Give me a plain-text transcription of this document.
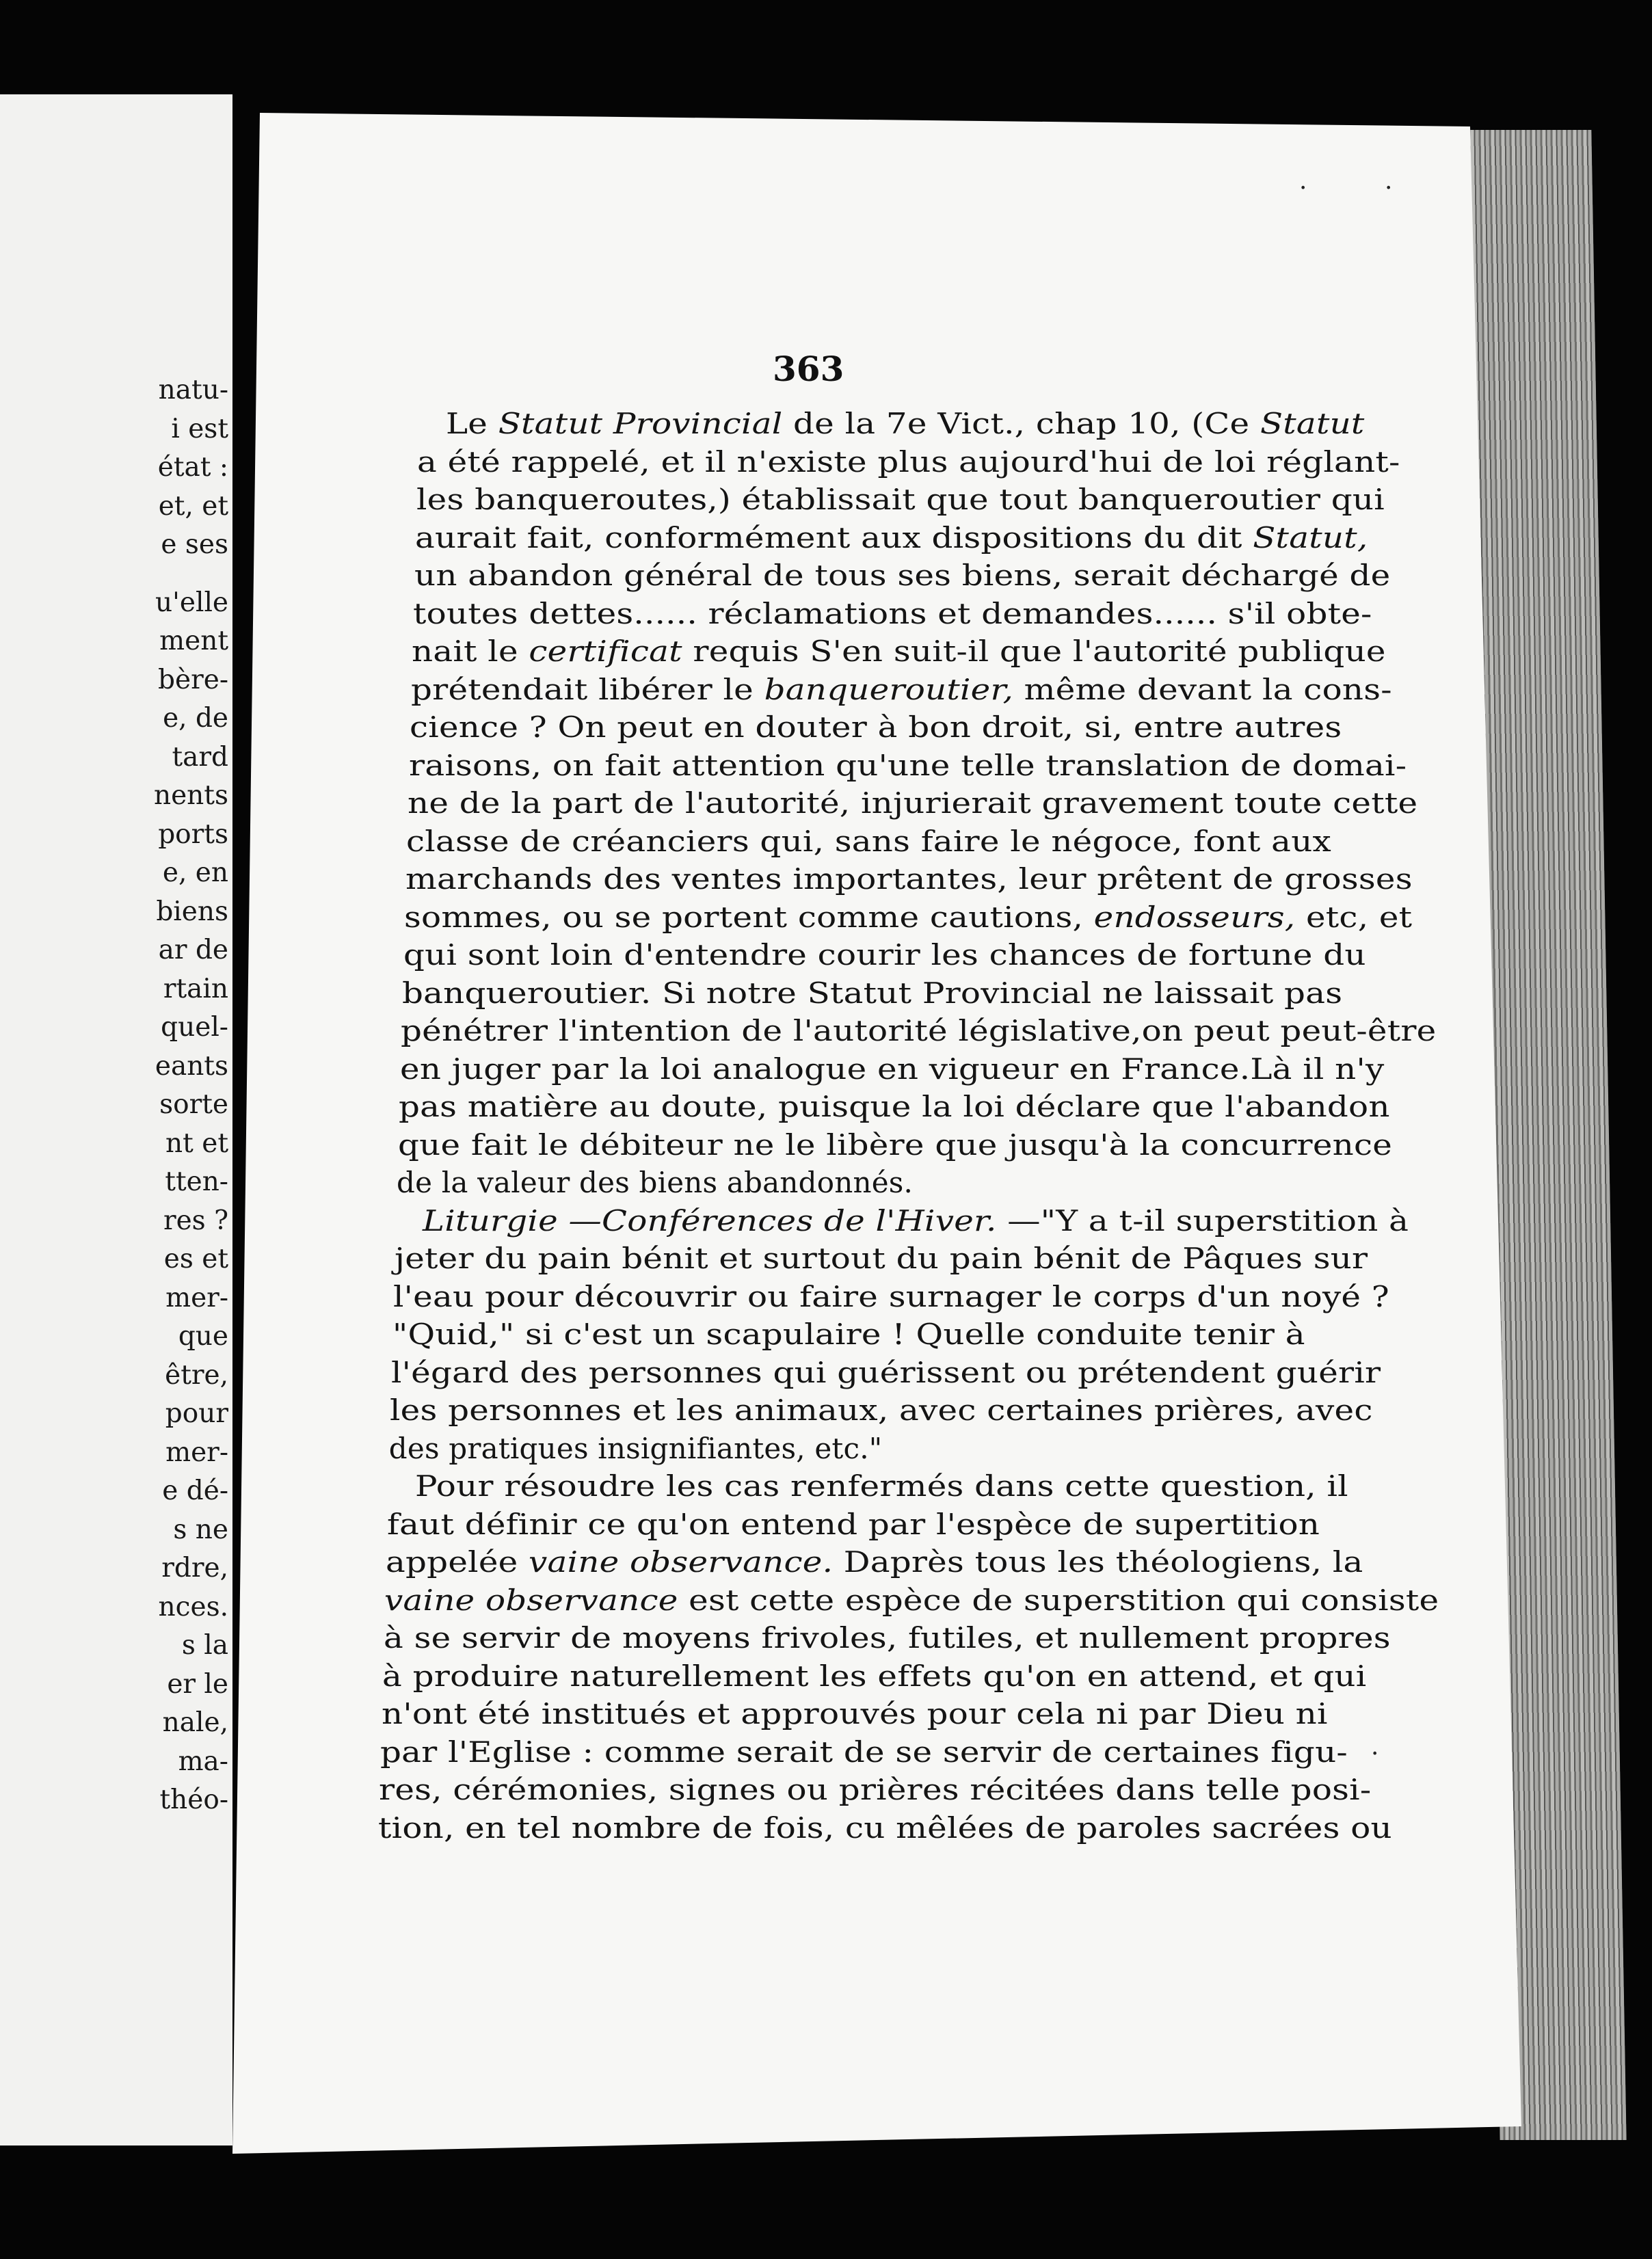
natu-
i est
état :
et, et
e ses
u'elle
ment
bère-
e, de
tard
nents
ports
e, en
biens
ar de
rtain
quel-
eants
sorte
nt et
tten-
res ?
es et
mer-
que
être,
pour
mer-
e dé-
s ne
rdre,
nces.
s la
er le
nale,
ma-
théo-
363
Le Statut Provincial de la 7e Vict., chap 10, (Ce Statut
a été rappelé, et il n'existe plus aujourd'hui de loi réglant-
les banqueroutes,) établissait que tout banqueroutier qui
aurait fait, conformément aux dispositions du dit Statut,
un abandon général de tous ses biens, serait déchargé de
toutes dettes...... réclamations et demandes...... s'il obte-
nait le certificat requis S'en suit-il que l'autorité publique
prétendait libérer le banqueroutier, même devant la cons-
cience ? On peut en douter à bon droit, si, entre autres
raisons, on fait attention qu'une telle translation de domai-
ne de la part de l'autorité, injurierait gravement toute cette
classe de créanciers qui, sans faire le négoce, font aux
marchands des ventes importantes, leur prêtent de grosses
sommes, ou se portent comme cautions, endosseurs, etc, et
qui sont loin d'entendre courir les chances de fortune du
banqueroutier. Si notre Statut Provincial ne laissait pas
pénétrer l'intention de l'autorité législative,on peut peut-être
en juger par la loi analogue en vigueur en France.Là il n'y
pas matière au doute, puisque la loi déclare que l'abandon
que fait le débiteur ne le libère que jusqu'à la concurrence
de la valeur des biens abandonnés.
Liturgie —Conférences de l'Hiver. —"Y a t-il superstition à
jeter du pain bénit et surtout du pain bénit de Pâques sur
l'eau pour découvrir ou faire surnager le corps d'un noyé ?
"Quid," si c'est un scapulaire ! Quelle conduite tenir à
l'égard des personnes qui guérissent ou prétendent guérir
les personnes et les animaux, avec certaines prières, avec
des pratiques insignifiantes, etc."
Pour résoudre les cas renfermés dans cette question, il
faut définir ce qu'on entend par l'espèce de supertition
appelée vaine observance. Daprès tous les théologiens, la
vaine observance est cette espèce de superstition qui consiste
à se servir de moyens frivoles, futiles, et nullement propres
à produire naturellement les effets qu'on en attend, et qui
n'ont été institués et approuvés pour cela ni par Dieu ni
par l'Eglise : comme serait de se servir de certaines figu-
res, cérémonies, signes ou prières récitées dans telle posi-
tion, en tel nombre de fois, cu mêlées de paroles sacrées ou
·	·
·
